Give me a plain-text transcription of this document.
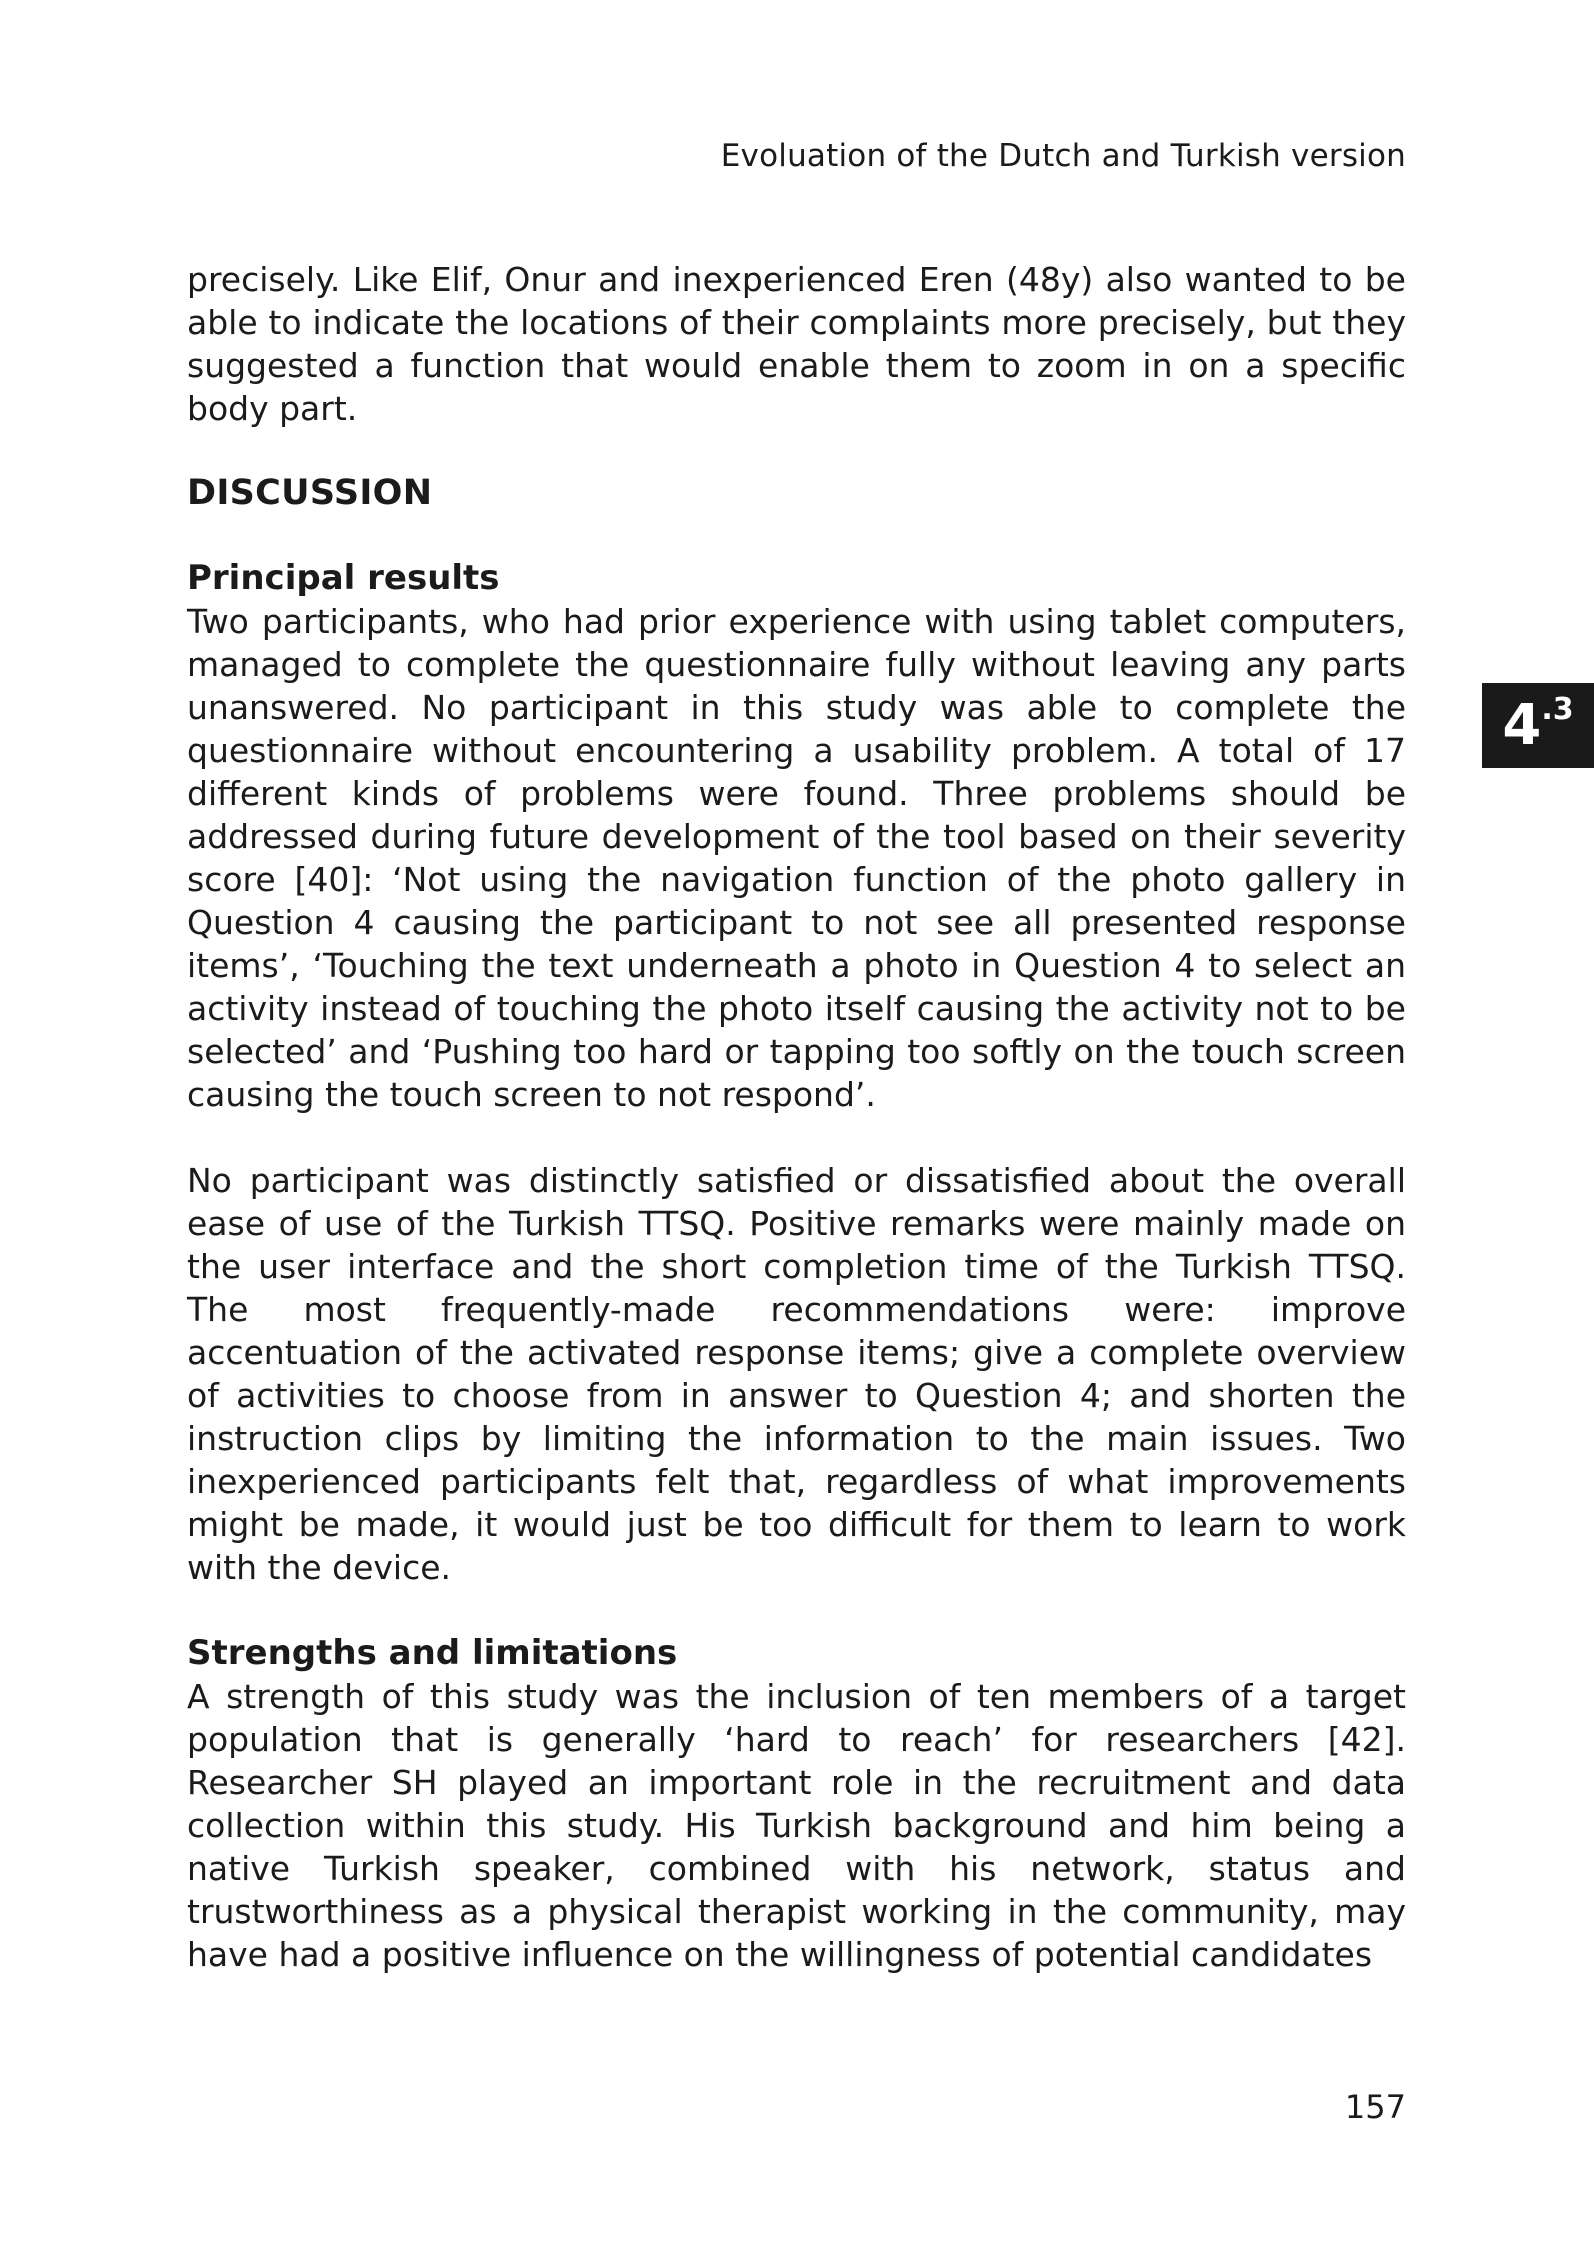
Evoluation of the Dutch and Turkish version
4 .3

precisely. Like Elif, Onur and inexperienced Eren (48y) also wanted to be able to indicate the locations of their complaints more precisely, but they suggested a function that would enable them to zoom in on a specific body part.

DISCUSSION
Principal results

Two participants, who had prior experience with using tablet computers, managed to complete the questionnaire fully without leaving any parts unanswered. No participant in this study was able to complete the questionnaire without encountering a usability problem. A total of 17 different kinds of problems were found. Three problems should be addressed during future development of the tool based on their severity score [40]: ‘Not using the navigation function of the photo gallery in Question 4 causing the participant to not see all presented response items’, ‘Touching the text underneath a photo in Question 4 to select an activity instead of touching the photo itself causing the activity not to be selected’ and ‘Pushing too hard or tapping too softly on the touch screen causing the touch screen to not respond’.

No participant was distinctly satisfied or dissatisfied about the overall ease of use of the Turkish TTSQ. Positive remarks were mainly made on the user interface and the short completion time of the Turkish TTSQ. The most frequently-made recommendations were: improve accentuation of the activated response items; give a complete overview of activities to choose from in answer to Question 4; and shorten the instruction clips by limiting the information to the main issues. Two inexperienced participants felt that, regardless of what improvements might be made, it would just be too difficult for them to learn to work with the device.

Strengths and limitations

A strength of this study was the inclusion of ten members of a target population that is generally ‘hard to reach’ for researchers [42]. Researcher SH played an important role in the recruitment and data collection within this study. His Turkish background and him being a native Turkish speaker, combined with his network, status and trustworthiness as a physical therapist working in the community, may have had a positive influence on the willingness of potential candidates

157
